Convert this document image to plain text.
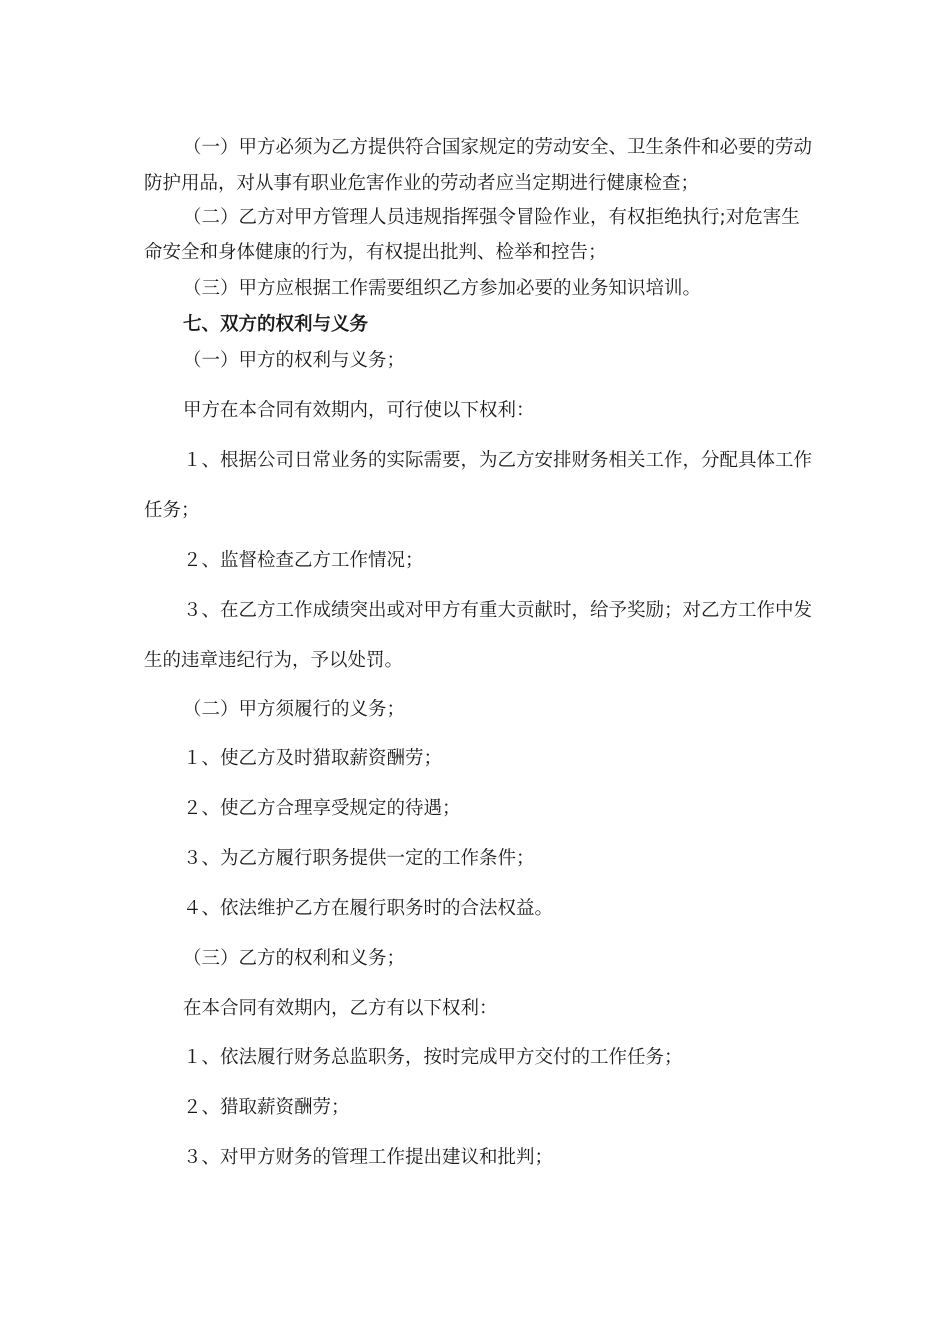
（一）甲方必须为乙方提供符合国家规定的劳动安全、卫生条件和必要的劳动

防护用品，对从事有职业危害作业的劳动者应当定期进行健康检查；

（二）乙方对甲方管理人员违规指挥强令冒险作业，有权拒绝执行;对危害生

命安全和身体健康的行为，有权提出批判、检举和控告；

（三）甲方应根据工作需要组织乙方参加必要的业务知识培训。

七、双方的权利与义务

（一）甲方的权利与义务；

甲方在本合同有效期内，可行使以下权利：

１、根据公司日常业务的实际需要，为乙方安排财务相关工作，分配具体工作

任务；

２、监督检查乙方工作情况；

３、在乙方工作成绩突出或对甲方有重大贡献时，给予奖励；对乙方工作中发

生的违章违纪行为，予以处罚。

（二）甲方须履行的义务；

１、使乙方及时猎取薪资酬劳；

２、使乙方合理享受规定的待遇；

３、为乙方履行职务提供一定的工作条件；

４、依法维护乙方在履行职务时的合法权益。

（三）乙方的权利和义务；

在本合同有效期内，乙方有以下权利：

１、依法履行财务总监职务，按时完成甲方交付的工作任务；

２、猎取薪资酬劳；

３、对甲方财务的管理工作提出建议和批判；
